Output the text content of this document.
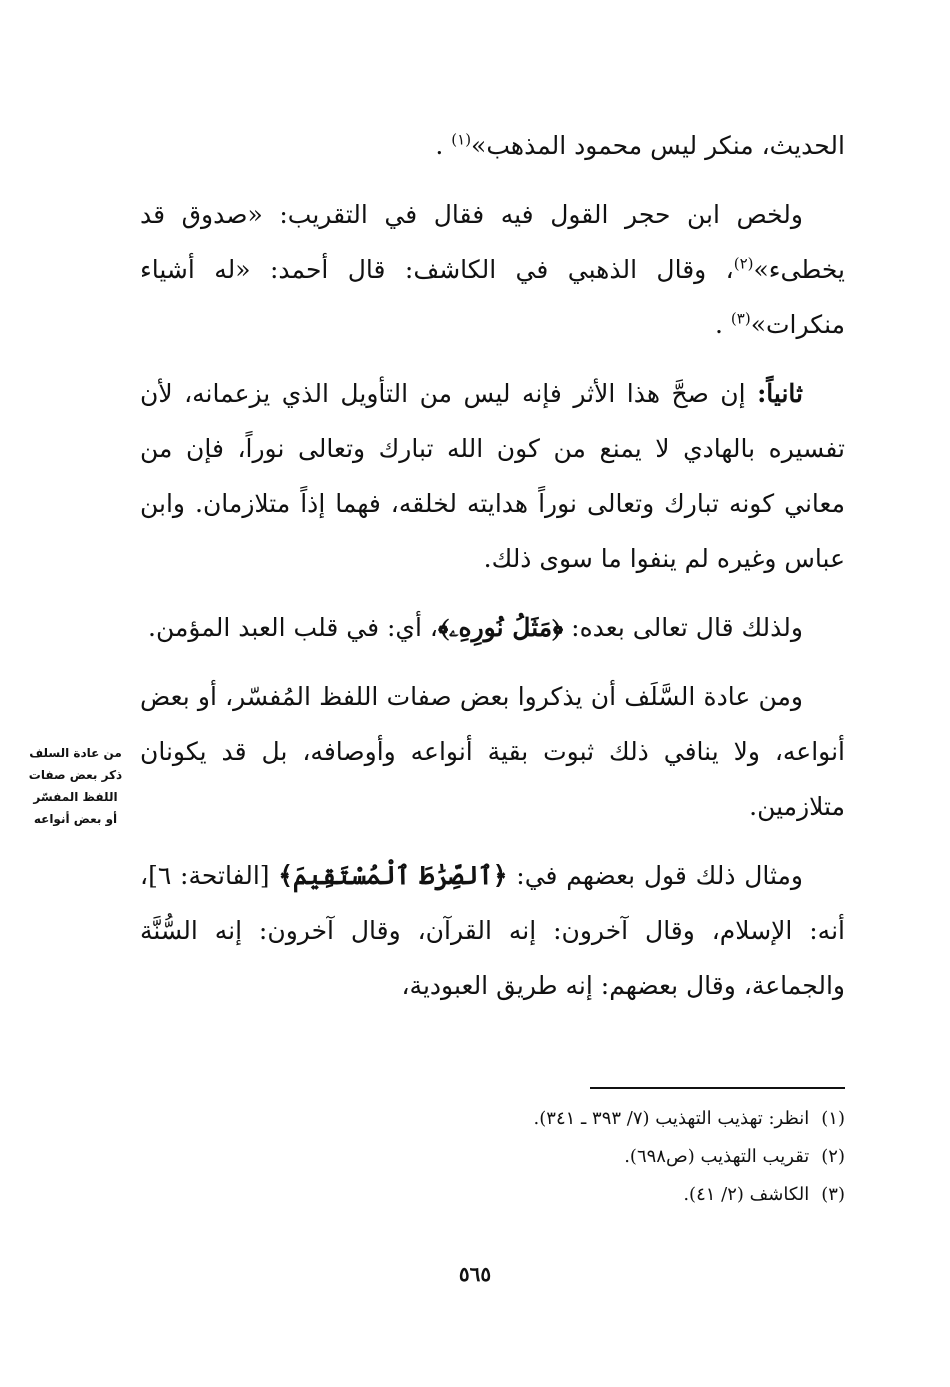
الحديث، منكر ليس محمود المذهب»$^{(١)}$ .

ولخص ابن حجر القول فيه فقال في التقريب: «صدوق قد يخطىء»$^{(٢)}$، وقال الذهبي في الكاشف: قال أحمد: «له أشياء منكرات»$^{(٣)}$ .

ثانياً: إن صحَّ هذا الأثر فإنه ليس من التأويل الذي يزعمانه، لأن تفسيره بالهادي لا يمنع من كون الله تبارك وتعالى نوراً، فإن من معاني كونه تبارك وتعالى نوراً هدايته لخلقه، فهما إذاً متلازمان. وابن عباس وغيره لم ينفوا ما سوى ذلك.

ولذلك قال تعالى بعده: ﴿مَثَلُ نُورِهِۦ﴾، أي: في قلب العبد المؤمن.

ومن عادة السَّلَف أن يذكروا بعض صفات اللفظ المُفسّر، أو بعض أنواعه، ولا ينافي ذلك ثبوت بقية أنواعه وأوصافه، بل قد يكونان متلازمين.

ومثال ذلك قول بعضهم في: ﴿ٱلصِّرَٰطَ ٱلْمُسْتَقِيمَ﴾ [الفاتحة: ٦]، أنه: الإسلام، وقال آخرون: إنه القرآن، وقال آخرون: إنه السُّنَّة والجماعة، وقال بعضهم: إنه طريق العبودية،

من عادة السلف
ذكر بعض صفات
اللفظ المفسّر
أو بعض أنواعه
(١) انظر: تهذيب التهذيب (٧/ ٣٩٣ ـ ٣٤١).
(٢) تقريب التهذيب (ص٦٩٨).
(٣) الكاشف (٢/ ٤١).
٥٦٥
